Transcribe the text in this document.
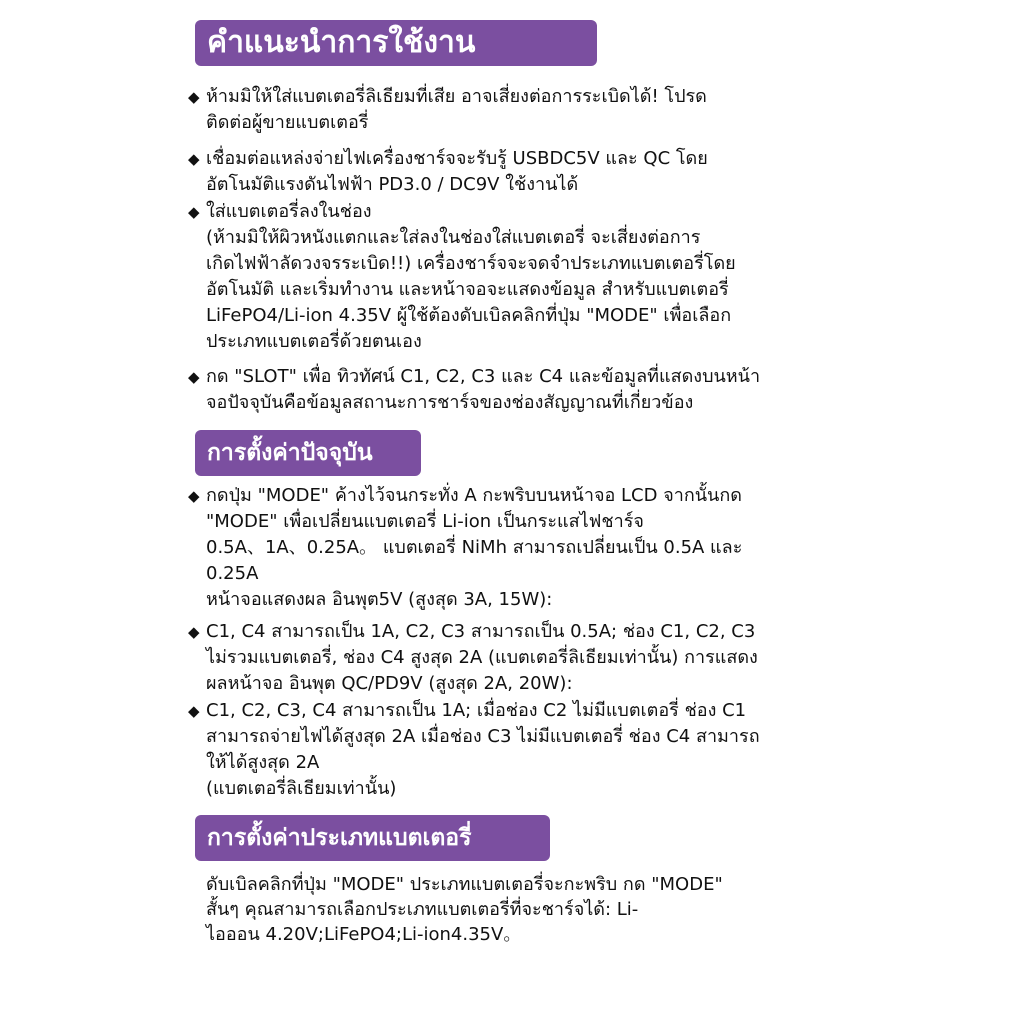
คำแนะนำการใช้งาน
◆ ห้ามมิให้ใส่แบตเตอรี่ลิเธียมที่เสีย อาจเสี่ยงต่อการระเบิดได้! โปรด
ติดต่อผู้ขายแบตเตอรี่
◆ เชื่อมต่อแหล่งจ่ายไฟเครื่องชาร์จจะรับรู้ USBDC5V และ QC โดย
อัตโนมัติแรงดันไฟฟ้า PD3.0 / DC9V ใช้งานได้
◆ ใส่แบตเตอรี่ลงในช่อง
(ห้ามมิให้ผิวหนังแตกและใส่ลงในช่องใส่แบตเตอรี่ จะเสี่ยงต่อการ
เกิดไฟฟ้าลัดวงจรระเบิด!!) เครื่องชาร์จจะจดจำประเภทแบตเตอรี่โดย
อัตโนมัติ และเริ่มทำงาน และหน้าจอจะแสดงข้อมูล สำหรับแบตเตอรี่
LiFePO4/Li-ion 4.35V ผู้ใช้ต้องดับเบิลคลิกที่ปุ่ม "MODE" เพื่อเลือก
ประเภทแบตเตอรี่ด้วยตนเอง
◆ กด "SLOT" เพื่อ ทิวทัศน์ C1, C2, C3 และ C4 และข้อมูลที่แสดงบนหน้า
จอปัจจุบันคือข้อมูลสถานะการชาร์จของช่องสัญญาณที่เกี่ยวข้อง
การตั้งค่าปัจจุบัน
◆ กดปุ่ม "MODE" ค้างไว้จนกระทั่ง A กะพริบบนหน้าจอ LCD จากนั้นกด
"MODE" เพื่อเปลี่ยนแบตเตอรี่ Li-ion เป็นกระแสไฟชาร์จ
0.5A、1A、0.25A。 แบตเตอรี่ NiMh สามารถเปลี่ยนเป็น 0.5A และ
0.25A
หน้าจอแสดงผล อินพุต5V (สูงสุด 3A, 15W):
◆ C1, C4 สามารถเป็น 1A, C2, C3 สามารถเป็น 0.5A; ช่อง C1, C2, C3
ไม่รวมแบตเตอรี่, ช่อง C4 สูงสุด 2A (แบตเตอรี่ลิเธียมเท่านั้น) การแสดง
ผลหน้าจอ อินพุต QC/PD9V (สูงสุด 2A, 20W):
◆ C1, C2, C3, C4 สามารถเป็น 1A; เมื่อช่อง C2 ไม่มีแบตเตอรี่ ช่อง C1
สามารถจ่ายไฟได้สูงสุด 2A เมื่อช่อง C3 ไม่มีแบตเตอรี่ ช่อง C4 สามารถ
ให้ได้สูงสุด 2A
(แบตเตอรี่ลิเธียมเท่านั้น)
การตั้งค่าประเภทแบตเตอรี่
ดับเบิลคลิกที่ปุ่ม "MODE" ประเภทแบตเตอรี่จะกะพริบ กด "MODE"
สั้นๆ คุณสามารถเลือกประเภทแบตเตอรี่ที่จะชาร์จได้: Li-
ไอออน 4.20V;LiFePO4;Li-ion4.35V。
